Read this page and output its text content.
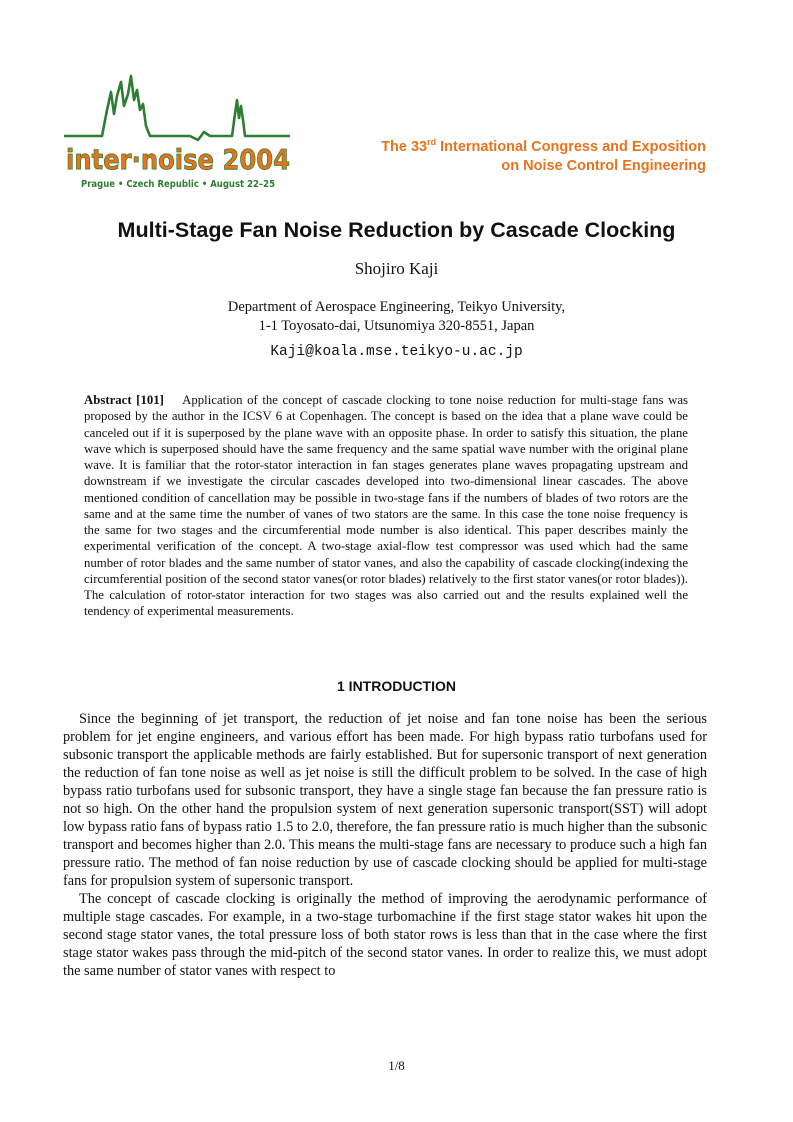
inter·noise 2004
Prague • Czech Republic • August 22–25
The 33rd International Congress and Exposition
on Noise Control Engineering
Multi-Stage Fan Noise Reduction by Cascade Clocking
Shojiro Kaji
Department of Aerospace Engineering, Teikyo University,
1-1 Toyosato-dai, Utsunomiya 320-8551, Japan
Kaji@koala.mse.teikyo-u.ac.jp

Abstract [101] Application of the concept of cascade clocking to tone noise reduction for multi-stage fans was proposed by the author in the ICSV 6 at Copenhagen. The concept is based on the idea that a plane wave could be canceled out if it is superposed by the plane wave with an opposite phase. In order to satisfy this situation, the plane wave which is superposed should have the same frequency and the same spatial wave number with the original plane wave. It is familiar that the rotor-stator interaction in fan stages generates plane waves propagating upstream and downstream if we investigate the circular cascades developed into two-dimensional linear cascades. The above mentioned condition of cancellation may be possible in two-stage fans if the numbers of blades of two rotors are the same and at the same time the number of vanes of two stators are the same. In this case the tone noise frequency is the same for two stages and the circumferential mode number is also identical. This paper describes mainly the experimental verification of the concept. A two-stage axial-flow test compressor was used which had the same number of rotor blades and the same number of stator vanes, and also the capability of cascade clocking(indexing the circumferential position of the second stator vanes(or rotor blades) relatively to the first stator vanes(or rotor blades)). The calculation of rotor-stator interaction for two stages was also carried out and the results explained well the tendency of experimental measurements.

1 INTRODUCTION

Since the beginning of jet transport, the reduction of jet noise and fan tone noise has been the serious problem for jet engine engineers, and various effort has been made. For high bypass ratio turbofans used for subsonic transport the applicable methods are fairly established. But for supersonic transport of next generation the reduction of fan tone noise as well as jet noise is still the difficult problem to be solved. In the case of high bypass ratio turbofans used for subsonic transport, they have a single stage fan because the fan pressure ratio is not so high. On the other hand the propulsion system of next generation supersonic transport(SST) will adopt low bypass ratio fans of bypass ratio 1.5 to 2.0, therefore, the fan pressure ratio is much higher than the subsonic transport and becomes higher than 2.0. This means the multi-stage fans are necessary to produce such a high fan pressure ratio. The method of fan noise reduction by use of cascade clocking should be applied for multi-stage fans for propulsion system of supersonic transport.

The concept of cascade clocking is originally the method of improving the aerodynamic performance of multiple stage cascades. For example, in a two-stage turbomachine if the first stage stator wakes hit upon the second stage stator vanes, the total pressure loss of both stator rows is less than that in the case where the first stage stator wakes pass through the mid-pitch of the second stator vanes. In order to realize this, we must adopt the same number of stator vanes with respect to

1/8
